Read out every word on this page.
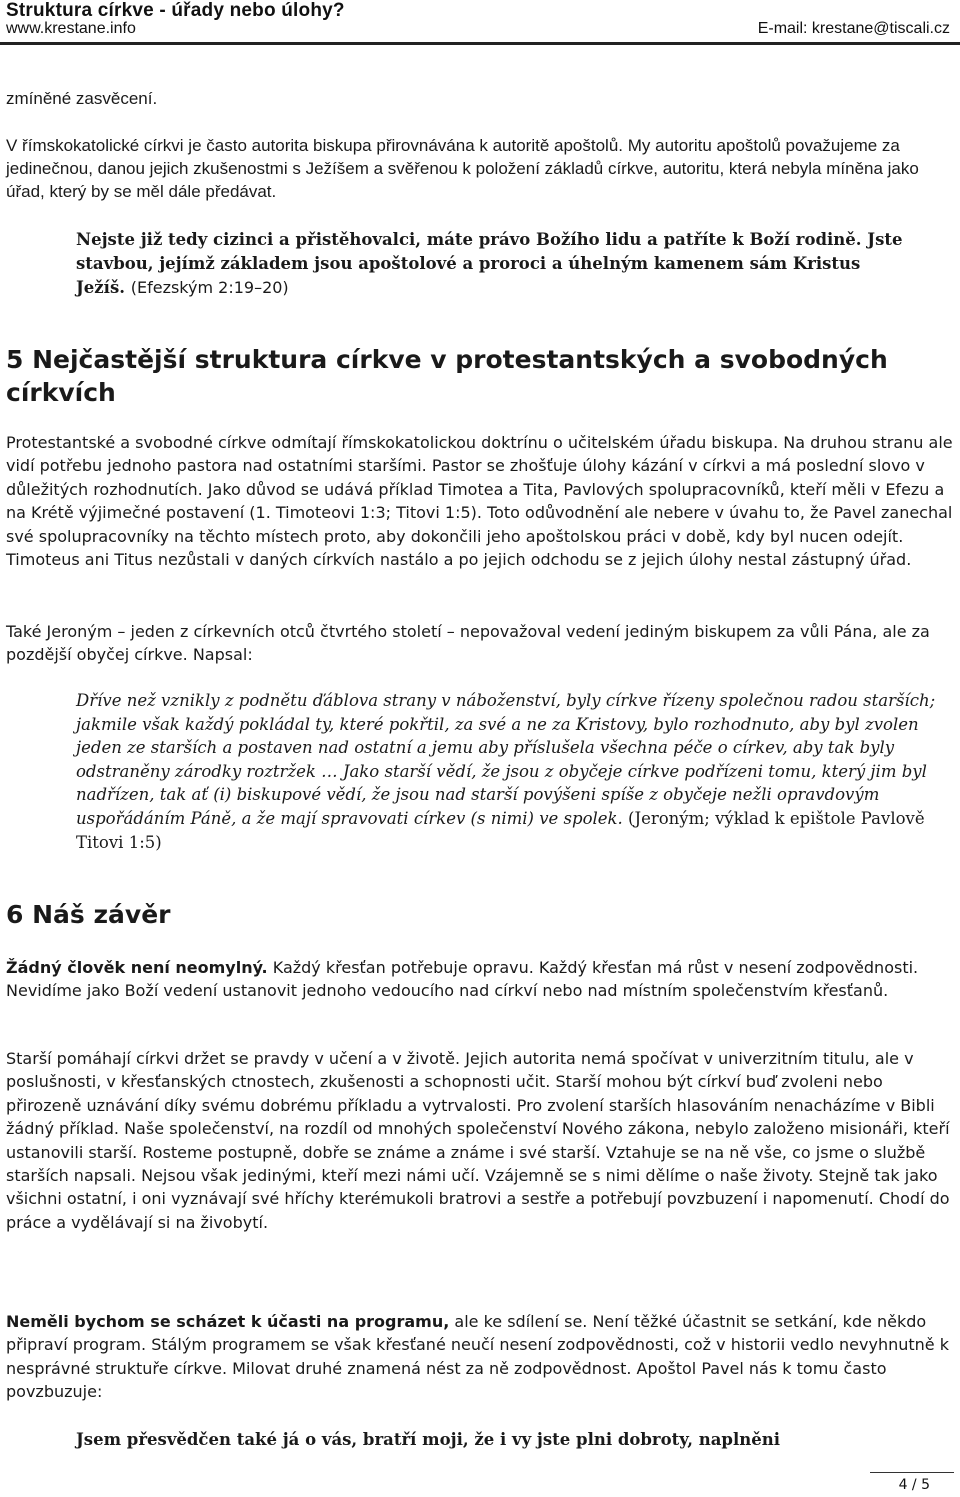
Struktura církve - úřady nebo úlohy?
www.krestane.info	E-mail: krestane@tiscali.cz

zmíněné zasvěcení.

V římskokatolické církvi je často autorita biskupa přirovnávána k autoritě apoštolů. My autoritu apoštolů považujeme za jedinečnou, danou jejich zkušenostmi s Ježíšem a svěřenou k položení základů církve, autoritu, která nebyla míněna jako úřad, který by se měl dále předávat.

Nejste již tedy cizinci a přistěhovalci, máte právo Božího lidu a patříte k Boží rodině. Jste stavbou, jejímž základem jsou apoštolové a proroci a úhelným kamenem sám Kristus Ježíš. (Efezským 2:19–20)

5 Nejčastější struktura církve v protestantských a svobodných církvích

Protestantské a svobodné církve odmítají římskokatolickou doktrínu o učitelském úřadu biskupa. Na druhou stranu ale vidí potřebu jednoho pastora nad ostatními staršími. Pastor se zhošťuje úlohy kázání v církvi a má poslední slovo v důležitých rozhodnutích. Jako důvod se udává příklad Timotea a Tita, Pavlových spolupracovníků, kteří měli v Efezu a na Krétě výjimečné postavení (1. Timoteovi 1:3; Titovi 1:5). Toto odůvodnění ale nebere v úvahu to, že Pavel zanechal své spolupracovníky na těchto místech proto, aby dokončili jeho apoštolskou práci v době, kdy byl nucen odejít. Timoteus ani Titus nezůstali v daných církvích nastálo a po jejich odchodu se z jejich úlohy nestal zástupný úřad.

Také Jeroným – jeden z církevních otců čtvrtého století – nepovažoval vedení jediným biskupem za vůli Pána, ale za pozdější obyčej církve. Napsal:

Dříve než vznikly z podnětu ďáblova strany v náboženství, byly církve řízeny společnou radou starších; jakmile však každý pokládal ty, které pokřtil, za své a ne za Kristovy, bylo rozhodnuto, aby byl zvolen jeden ze starších a postaven nad ostatní a jemu aby příslušela všechna péče o církev, aby tak byly odstraněny zárodky roztržek … Jako starší vědí, že jsou z obyčeje církve podřízeni tomu, který jim byl nadřízen, tak ať (i) biskupové vědí, že jsou nad starší povýšeni spíše z obyčeje nežli opravdovým uspořádáním Páně, a že mají spravovati církev (s nimi) ve spolek. (Jeroným; výklad k epištole Pavlově Titovi 1:5)

6 Náš závěr

Žádný člověk není neomylný. Každý křesťan potřebuje opravu. Každý křesťan má růst v nesení zodpovědnosti. Nevidíme jako Boží vedení ustanovit jednoho vedoucího nad církví nebo nad místním společenstvím křesťanů.

Starší pomáhají církvi držet se pravdy v učení a v životě. Jejich autorita nemá spočívat v univerzitním titulu, ale v poslušnosti, v křesťanských ctnostech, zkušenosti a schopnosti učit. Starší mohou být církví buď zvoleni nebo přirozeně uznávání díky svému dobrému příkladu a vytrvalosti. Pro zvolení starších hlasováním nenacházíme v Bibli žádný příklad. Naše společenství, na rozdíl od mnohých společenství Nového zákona, nebylo založeno misionáři, kteří ustanovili starší. Rosteme postupně, dobře se známe a známe i své starší. Vztahuje se na ně vše, co jsme o službě starších napsali. Nejsou však jedinými, kteří mezi námi učí. Vzájemně se s nimi dělíme o naše životy. Stejně tak jako všichni ostatní, i oni vyznávají své hříchy kterémukoli bratrovi a sestře a potřebují povzbuzení i napomenutí. Chodí do práce a vydělávají si na živobytí.

Neměli bychom se scházet k účasti na programu, ale ke sdílení se. Není těžké účastnit se setkání, kde někdo připraví program. Stálým programem se však křesťané neučí nesení zodpovědnosti, což v historii vedlo nevyhnutně k nesprávné struktuře církve. Milovat druhé znamená nést za ně zodpovědnost. Apoštol Pavel nás k tomu často povzbuzuje:

Jsem přesvědčen také já o vás, bratří moji, že i vy jste plni dobroty, naplněni

4 / 5
